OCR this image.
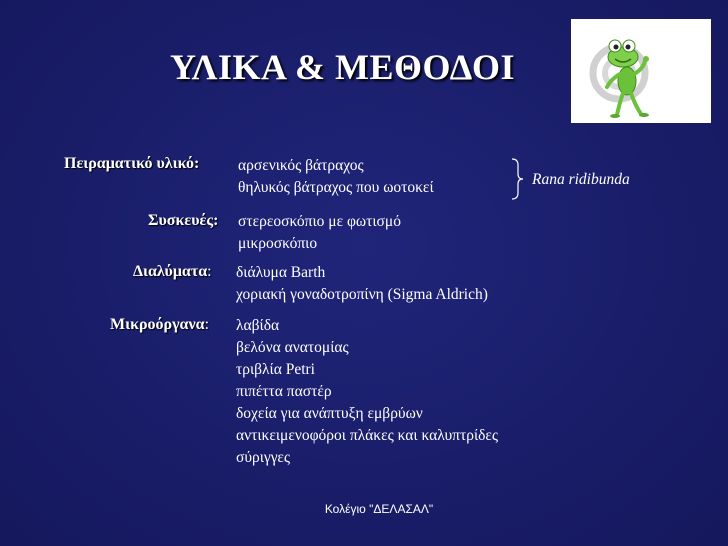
ΥΛΙΚΑ & ΜΕΘΟΔΟΙ
Πειραματικό υλικό: αρσενικός βάτραχος
θηλυκός βάτραχος που ωοτοκεί	Rana ridibunda
Συσκευές: στερεοσκόπιο με φωτισμό
μικροσκόπιο
Διαλύματα: διάλυμα Barth
χοριακή γοναδοτροπίνη (Sigma Aldrich)
Μικροόργανα: λαβίδα
βελόνα ανατομίας
τριβλία Petri
πιπέττα παστέρ
δοχεία για ανάπτυξη εμβρύων
αντικειμενοφόροι πλάκες και καλυπτρίδες
σύριγγες
Κολέγιο "ΔΕΛΑΣΑΛ"
